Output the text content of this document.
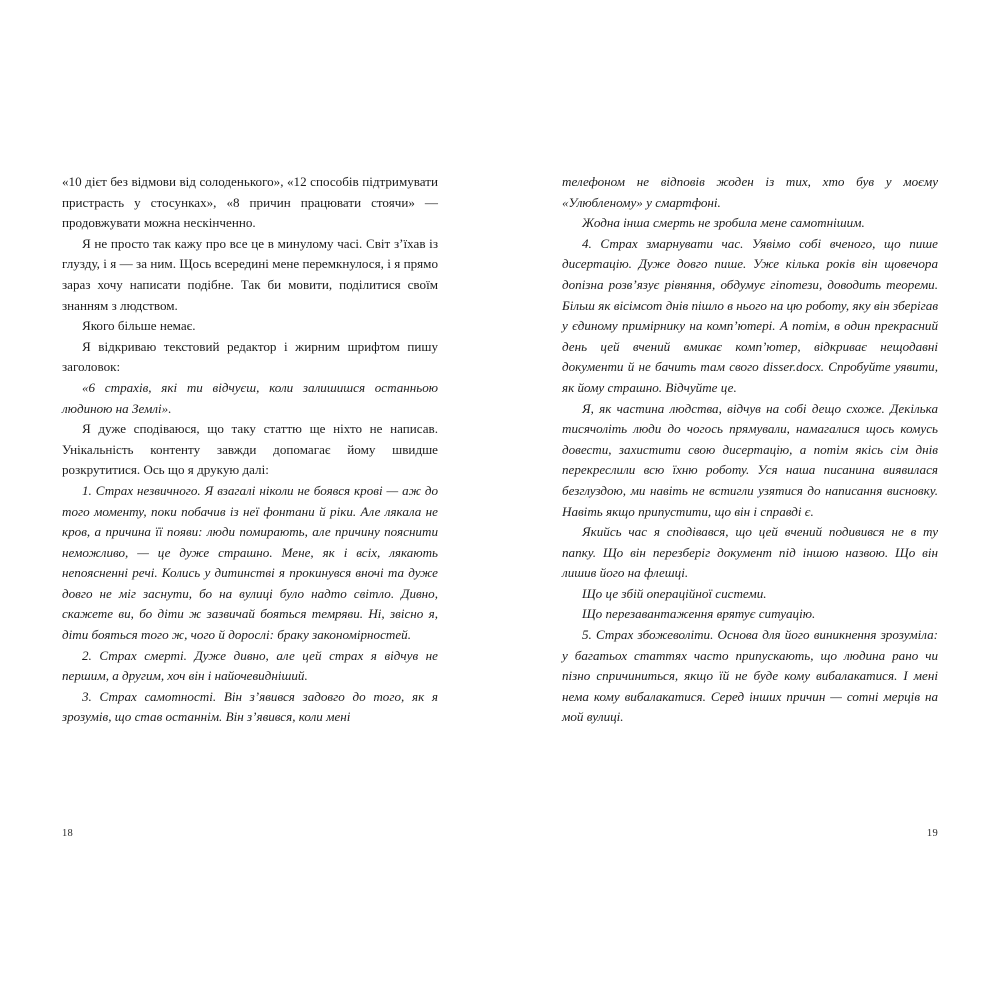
«10 дієт без відмови від солоденького», «12 способів підтримувати пристрасть у стосунках», «8 причин працювати стоячи» — продовжувати можна нескінченно.

Я не просто так кажу про все це в минулому часі. Світ з’їхав із глузду, і я — за ним. Щось всередині мене перемкнулося, і я прямо зараз хочу написати подібне. Так би мовити, поділитися своїм знанням з людством.

Якого більше немає.

Я відкриваю текстовий редактор і жирним шрифтом пишу заголовок:

«6 страхів, які ти відчуєш, коли залишишся останньою людиною на Землі».

Я дуже сподіваюся, що таку статтю ще ніхто не написав. Унікальність контенту завжди допомагає йому швидше розкрутитися. Ось що я друкую далі:

1. Страх незвичного. Я взагалі ніколи не боявся крові — аж до того моменту, поки побачив із неї фонтани й ріки. Але лякала не кров, а причина її появи: люди помирають, але причину пояснити неможливо, — це дуже страшно. Мене, як і всіх, лякають непоясненні речі. Колись у дитинстві я прокинувся вночі та дуже довго не міг заснути, бо на вулиці було надто світло. Дивно, скажете ви, бо діти ж зазвичай бояться темряви. Ні, звісно я, діти бояться того ж, чого й дорослі: браку закономірностей.

2. Страх смерті. Дуже дивно, але цей страх я відчув не першим, а другим, хоч він і найочевидніший.

3. Страх самотності. Він з’явився задовго до того, як я зрозумів, що став останнім. Він з’явився, коли мені

телефоном не відповів жоден із тих, хто був у моєму «Улюбленому» у смартфоні.

Жодна інша смерть не зробила мене самотнішим.

4. Страх змарнувати час. Уявімо собі вченого, що пише дисертацію. Дуже довго пише. Уже кілька років він щовечора допізна розв’язує рівняння, обдумує гіпотези, доводить теореми. Більш як вісімсот днів пішло в нього на цю роботу, яку він зберігав у єдиному примірнику на комп’ютері. А потім, в один прекрасний день цей вчений вмикає комп’ютер, відкриває нещодавні документи й не бачить там свого disser.docx. Спробуйте уявити, як йому страшно. Відчуйте це.

Я, як частина людства, відчув на собі дещо схоже. Декілька тисячоліть люди до чогось прямували, намагалися щось комусь довести, захистити свою дисертацію, а потім якісь сім днів перекреслили всю їхню роботу. Уся наша писанина виявилася безглуздою, ми навіть не встигли узятися до написання висновку. Навіть якщо припустити, що він і справді є.

Якийсь час я сподівався, що цей вчений подивився не в ту папку. Що він перезберіг документ під іншою назвою. Що він лишив його на флешці.

Що це збій операційної системи.

Що перезавантаження врятує ситуацію.

5. Страх збожеволіти. Основа для його виникнення зрозуміла: у багатьох статтях часто припускають, що людина рано чи пізно спричиниться, якщо їй не буде кому вибалакатися. І мені нема кому вибалакатися. Серед інших причин — сотні мерців на мой вулиці.

18	19
